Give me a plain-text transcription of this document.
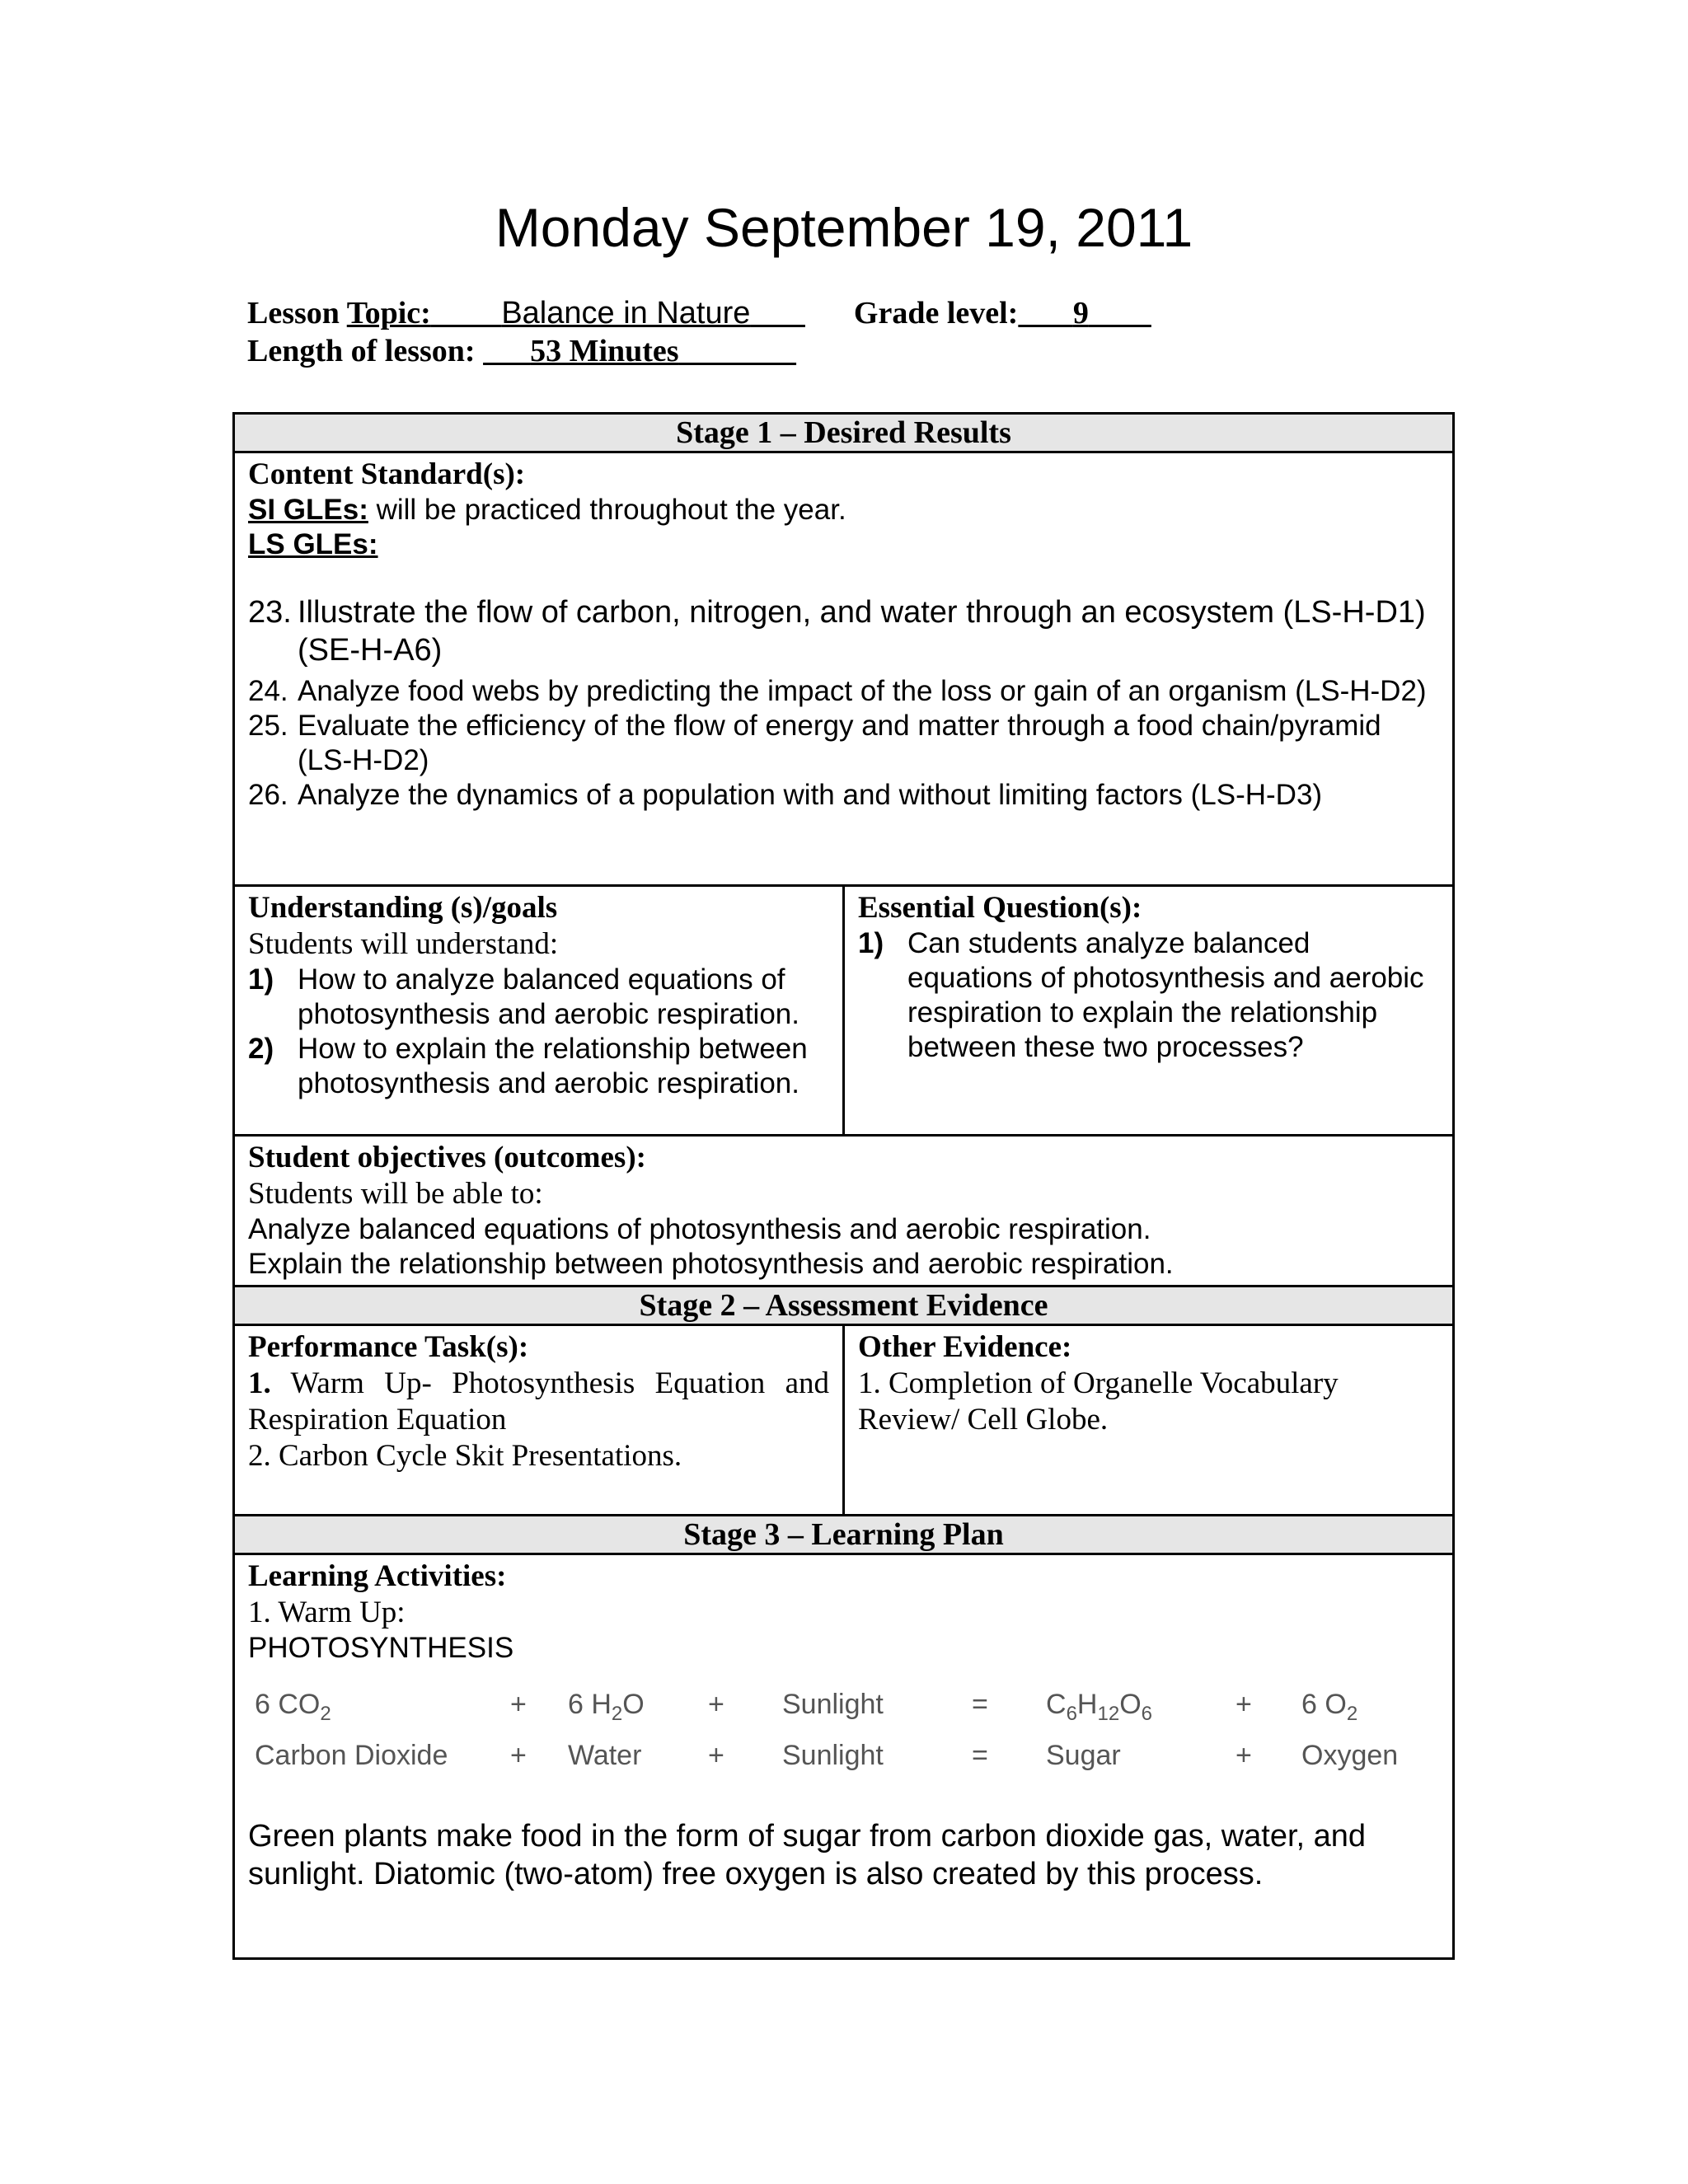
Monday September 19, 2011
Lesson Topic: Balance in Nature	Grade level: 9
Length of lesson: 53 Minutes
Stage 1 – Desired Results

Content Standard(s):
SI GLEs: will be practiced throughout the year.
LS GLEs:
23. Illustrate the flow of carbon, nitrogen, and water through an ecosystem (LS-H-D1) (SE-H-A6)
24. Analyze food webs by predicting the impact of the loss or gain of an organism (LS-H-D2)
25. Evaluate the efficiency of the flow of energy and matter through a food chain/pyramid (LS-H-D2)
26. Analyze the dynamics of a population with and without limiting factors (LS-H-D3)

Understanding (s)/goals
Students will understand:
1) How to analyze balanced equations of photosynthesis and aerobic respiration.
2) How to explain the relationship between photosynthesis and aerobic respiration.

Essential Question(s):
1) Can students analyze balanced equations of photosynthesis and aerobic respiration to explain the relationship between these two processes?

Student objectives (outcomes):
Students will be able to:
Analyze balanced equations of photosynthesis and aerobic respiration.
Explain the relationship between photosynthesis and aerobic respiration.

Stage 2 – Assessment Evidence

Performance Task(s):
1. Warm Up- Photosynthesis Equation and Respiration Equation
2. Carbon Cycle Skit Presentations.

Other Evidence:
1. Completion of Organelle Vocabulary Review/ Cell Globe.

Stage 3 – Learning Plan

Learning Activities:
1. Warm Up:
PHOTOSYNTHESIS
6 $CO_2$	+	6 $H_2O$	+	Sunlight	=	$C_6H_{12}O_6$	+	6 $O_2$
Carbon Dioxide	+	Water	+	Sunlight	=	Sugar	+	Oxygen
Green plants make food in the form of sugar from carbon dioxide gas, water, and sunlight. Diatomic (two-atom) free oxygen is also created by this process.
